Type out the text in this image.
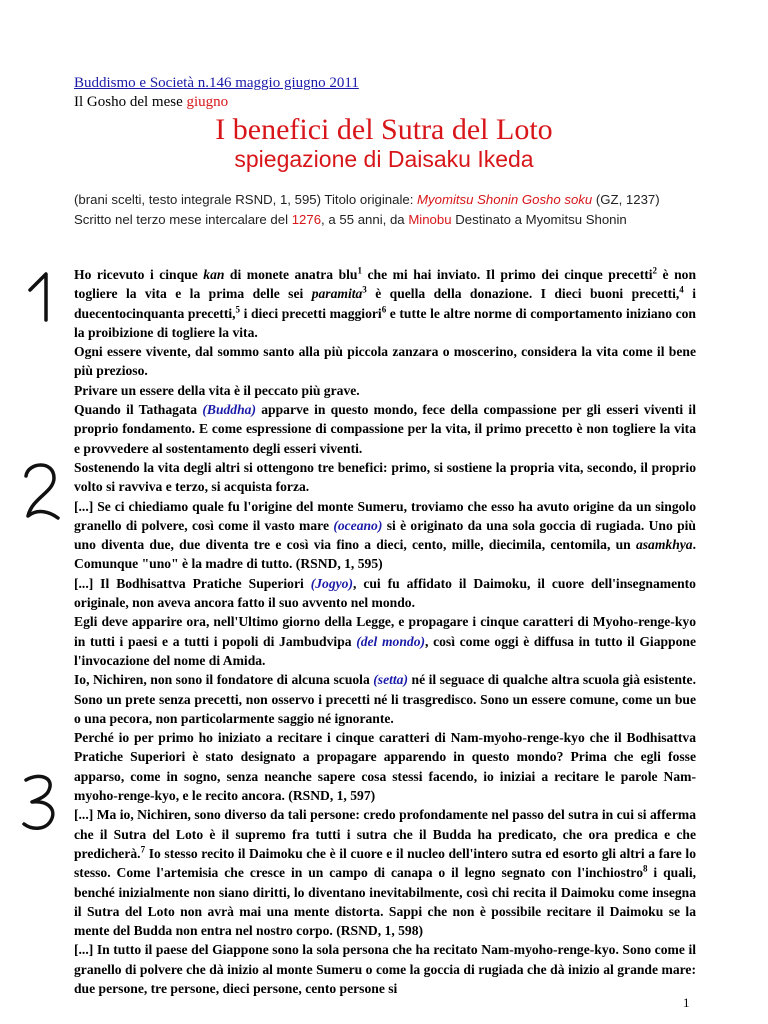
Buddismo e Società n.146 maggio giugno 2011
Il Gosho del mese giugno
I benefici del Sutra del Loto
spiegazione di Daisaku Ikeda
(brani scelti, testo integrale RSND, 1, 595) Titolo originale: Myomitsu Shonin Gosho soku (GZ, 1237) Scritto nel terzo mese intercalare del 1276, a 55 anni, da Minobu Destinato a Myomitsu Shonin

Ho ricevuto i cinque kan di monete anatra blu$^1$ che mi hai inviato. Il primo dei cinque precetti$^2$ è non togliere la vita e la prima delle sei paramita$^3$ è quella della donazione. I dieci buoni precetti,$^4$ i duecentocinquanta precetti,$^5$ i dieci precetti maggiori$^6$ e tutte le altre norme di comportamento iniziano con la proibizione di togliere la vita.

Ogni essere vivente, dal sommo santo alla più piccola zanzara o moscerino, considera la vita come il bene più prezioso.

Privare un essere della vita è il peccato più grave.

Quando il Tathagata (Buddha) apparve in questo mondo, fece della compassione per gli esseri viventi il proprio fondamento. E come espressione di compassione per la vita, il primo precetto è non togliere la vita e provvedere al sostentamento degli esseri viventi.

Sostenendo la vita degli altri si ottengono tre benefici: primo, si sostiene la propria vita, secondo, il proprio volto si ravviva e terzo, si acquista forza.

[...] Se ci chiediamo quale fu l'origine del monte Sumeru, troviamo che esso ha avuto origine da un singolo granello di polvere, così come il vasto mare (oceano) si è originato da una sola goccia di rugiada. Uno più uno diventa due, due diventa tre e così via fino a dieci, cento, mille, diecimila, centomila, un asamkhya. Comunque "uno" è la madre di tutto. (RSND, 1, 595)

[...] Il Bodhisattva Pratiche Superiori (Jogyo), cui fu affidato il Daimoku, il cuore dell'insegnamento originale, non aveva ancora fatto il suo avvento nel mondo.

Egli deve apparire ora, nell'Ultimo giorno della Legge, e propagare i cinque caratteri di Myoho-renge-kyo in tutti i paesi e a tutti i popoli di Jambudvipa (del mondo), così come oggi è diffusa in tutto il Giappone l'invocazione del nome di Amida.

Io, Nichiren, non sono il fondatore di alcuna scuola (setta) né il seguace di qualche altra scuola già esistente. Sono un prete senza precetti, non osservo i precetti né li trasgredisco. Sono un essere comune, come un bue o una pecora, non particolarmente saggio né ignorante.

Perché io per primo ho iniziato a recitare i cinque caratteri di Nam-myoho-renge-kyo che il Bodhisattva Pratiche Superiori è stato designato a propagare apparendo in questo mondo? Prima che egli fosse apparso, come in sogno, senza neanche sapere cosa stessi facendo, io iniziai a recitare le parole Nam-myoho-renge-kyo, e le recito ancora. (RSND, 1, 597)

[...] Ma io, Nichiren, sono diverso da tali persone: credo profondamente nel passo del sutra in cui si afferma che il Sutra del Loto è il supremo fra tutti i sutra che il Budda ha predicato, che ora predica e che predicherà.$^7$ Io stesso recito il Daimoku che è il cuore e il nucleo dell'intero sutra ed esorto gli altri a fare lo stesso. Come l'artemisia che cresce in un campo di canapa o il legno segnato con l'inchiostro$^8$ i quali, benché inizialmente non siano diritti, lo diventano inevitabilmente, così chi recita il Daimoku come insegna il Sutra del Loto non avrà mai una mente distorta. Sappi che non è possibile recitare il Daimoku se la mente del Budda non entra nel nostro corpo. (RSND, 1, 598)

[...] In tutto il paese del Giappone sono la sola persona che ha recitato Nam-myoho-renge-kyo. Sono come il granello di polvere che dà inizio al monte Sumeru o come la goccia di rugiada che dà inizio al grande mare: due persone, tre persone, dieci persone, cento persone si

1
